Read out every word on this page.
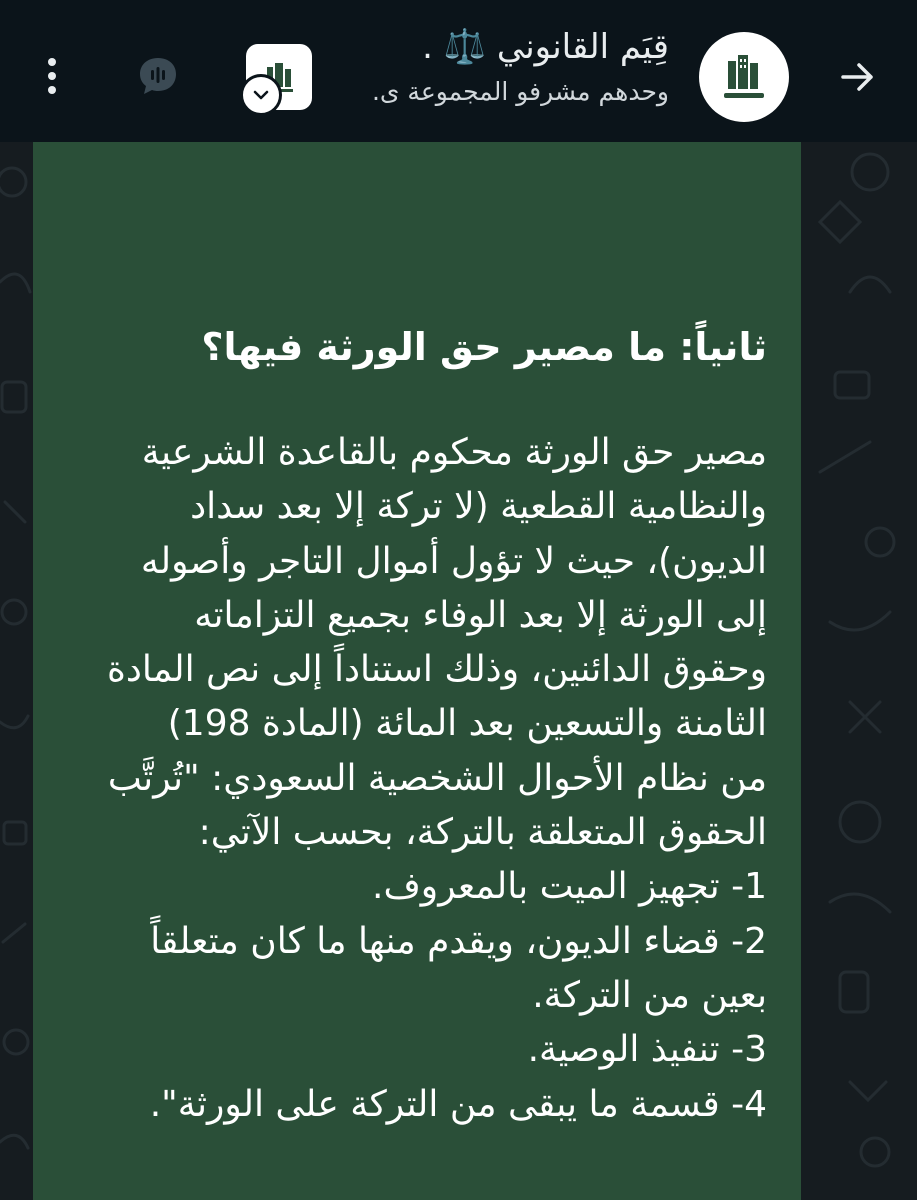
قِيَم القانوني ⚖️ .
وحدهم مشرفو المجموعة ى.
ثانياً: ما مصير حق الورثة فيها؟
مصير حق الورثة محكوم بالقاعدة الشرعية
والنظامية القطعية (لا تركة إلا بعد سداد
الديون)، حيث لا تؤول أموال التاجر وأصوله
إلى الورثة إلا بعد الوفاء بجميع التزاماته
وحقوق الدائنين، وذلك استناداً إلى نص المادة
الثامنة والتسعين بعد المائة (المادة 198)
من نظام الأحوال الشخصية السعودي: "تُرتَّب
الحقوق المتعلقة بالتركة، بحسب الآتي:
1- تجهيز الميت بالمعروف.
2- قضاء الديون، ويقدم منها ما كان متعلقاً
بعين من التركة.
3- تنفيذ الوصية.
4- قسمة ما يبقى من التركة على الورثة".
